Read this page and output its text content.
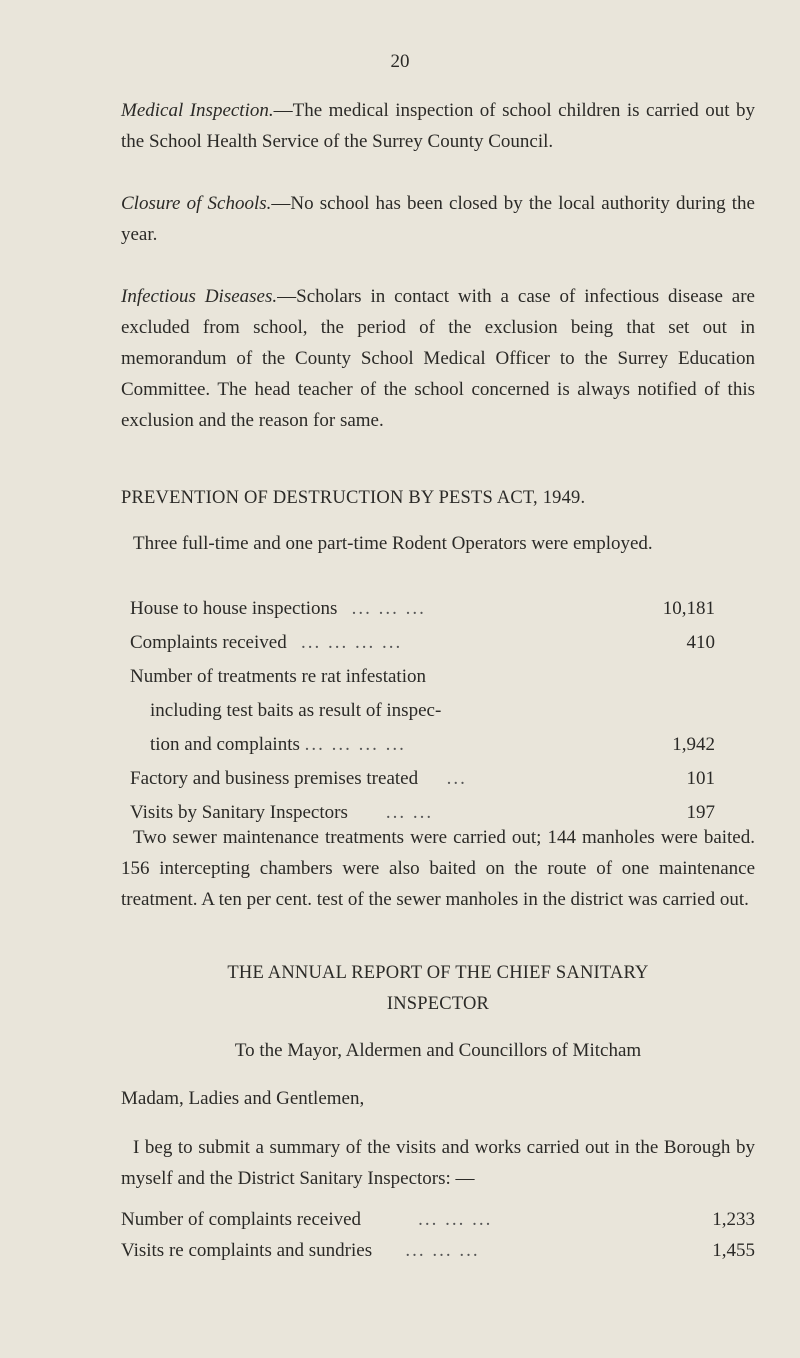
20

Medical Inspection.—The medical inspection of school children is carried out by the School Health Service of the Surrey County Council.

Closure of Schools.—No school has been closed by the local authority during the year.

Infectious Diseases.—Scholars in contact with a case of infectious disease are excluded from school, the period of the exclusion being that set out in memorandum of the County School Medical Officer to the Surrey Education Committee. The head teacher of the school concerned is always notified of this exclusion and the reason for same.

PREVENTION OF DESTRUCTION BY PESTS ACT, 1949.

Three full-time and one part-time Rodent Operators were employed.

House to house inspections ... ... ...	10,181
Complaints received ... ... ... ...	410
Number of treatments re rat infestation
including test baits as result of inspec-
tion and complaints ... ... ... ...	1,942
Factory and business premises treated ...	101
Visits by Sanitary Inspectors ... ...	197

Two sewer maintenance treatments were carried out; 144 manholes were baited. 156 intercepting chambers were also baited on the route of one maintenance treatment. A ten per cent. test of the sewer manholes in the district was carried out.

THE ANNUAL REPORT OF THE CHIEF SANITARY
INSPECTOR
To the Mayor, Aldermen and Councillors of Mitcham
Madam, Ladies and Gentlemen,

I beg to submit a summary of the visits and works carried out in the Borough by myself and the District Sanitary Inspectors: —

Number of complaints received	... ... ...	1,233
Visits re complaints and sundries ... ... ...	1,455
